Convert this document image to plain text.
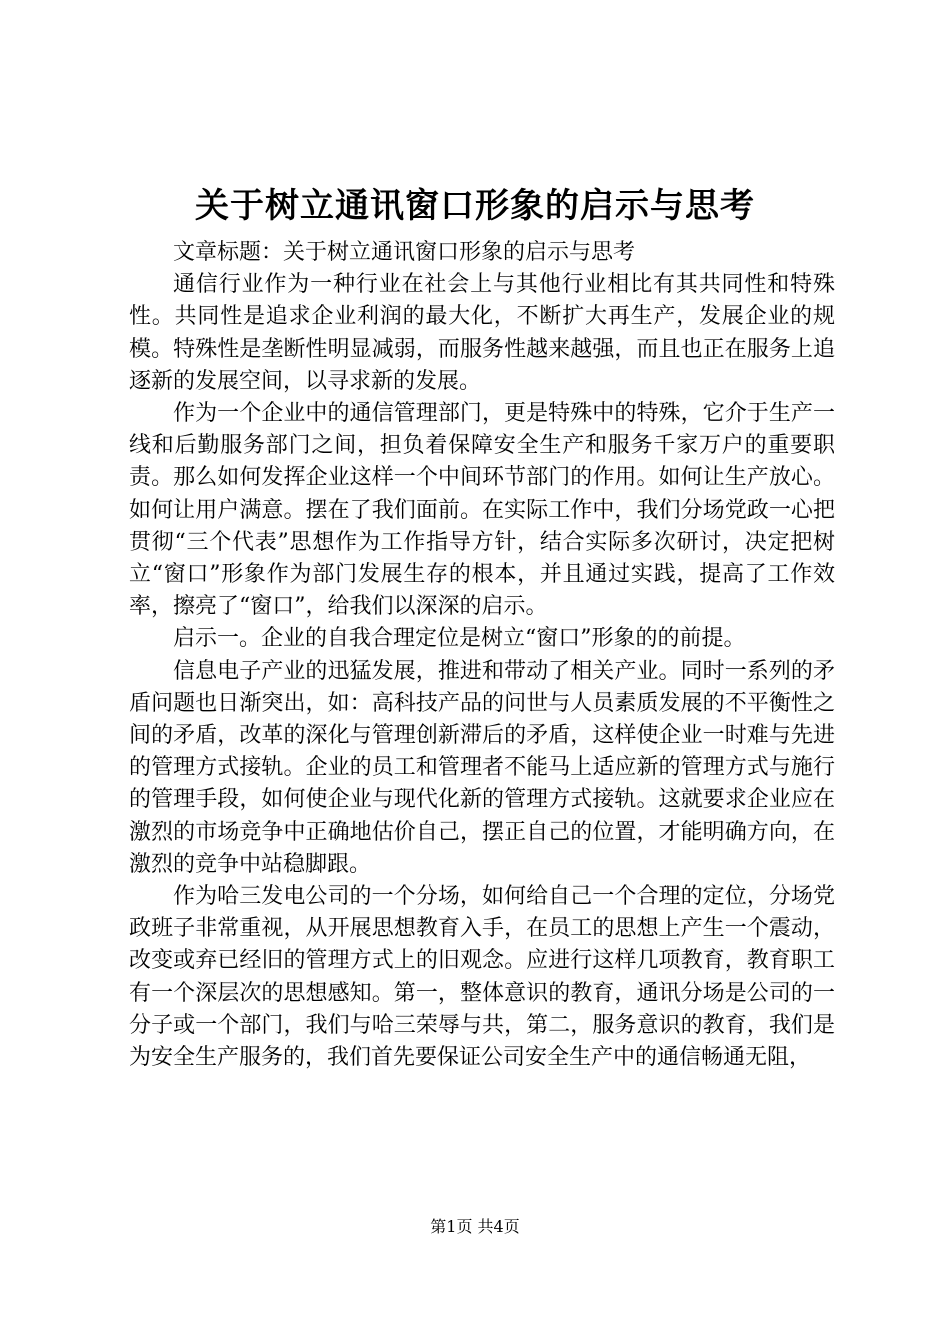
关于树立通讯窗口形象的启示与思考

文章标题：关于树立通讯窗口形象的启示与思考

通信行业作为一种行业在社会上与其他行业相比有其共同性和特殊性。共同性是追求企业利润的最大化，不断扩大再生产，发展企业的规模。特殊性是垄断性明显减弱，而服务性越来越强，而且也正在服务上追逐新的发展空间，以寻求新的发展。

作为一个企业中的通信管理部门，更是特殊中的特殊，它介于生产一线和后勤服务部门之间，担负着保障安全生产和服务千家万户的重要职责。那么如何发挥企业这样一个中间环节部门的作用。如何让生产放心。如何让用户满意。摆在了我们面前。在实际工作中，我们分场党政一心把贯彻“三个代表”思想作为工作指导方针，结合实际多次研讨，决定把树立“窗口”形象作为部门发展生存的根本，并且通过实践，提高了工作效率，擦亮了“窗口”，给我们以深深的启示。

启示一。企业的自我合理定位是树立“窗口”形象的的前提。

信息电子产业的迅猛发展，推进和带动了相关产业。同时一系列的矛盾问题也日渐突出，如：高科技产品的问世与人员素质发展的不平衡性之间的矛盾，改革的深化与管理创新滞后的矛盾，这样使企业一时难与先进的管理方式接轨。企业的员工和管理者不能马上适应新的管理方式与施行的管理手段，如何使企业与现代化新的管理方式接轨。这就要求企业应在激烈的市场竞争中正确地估价自己，摆正自己的位置，才能明确方向，在激烈的竞争中站稳脚跟。

作为哈三发电公司的一个分场，如何给自己一个合理的定位，分场党政班子非常重视，从开展思想教育入手，在员工的思想上产生一个震动，改变或弃已经旧的管理方式上的旧观念。应进行这样几项教育，教育职工有一个深层次的思想感知。第一，整体意识的教育，通讯分场是公司的一分子或一个部门，我们与哈三荣辱与共，第二，服务意识的教育，我们是为安全生产服务的，我们首先要保证公司安全生产中的通信畅通无阻，

第1页 共4页
